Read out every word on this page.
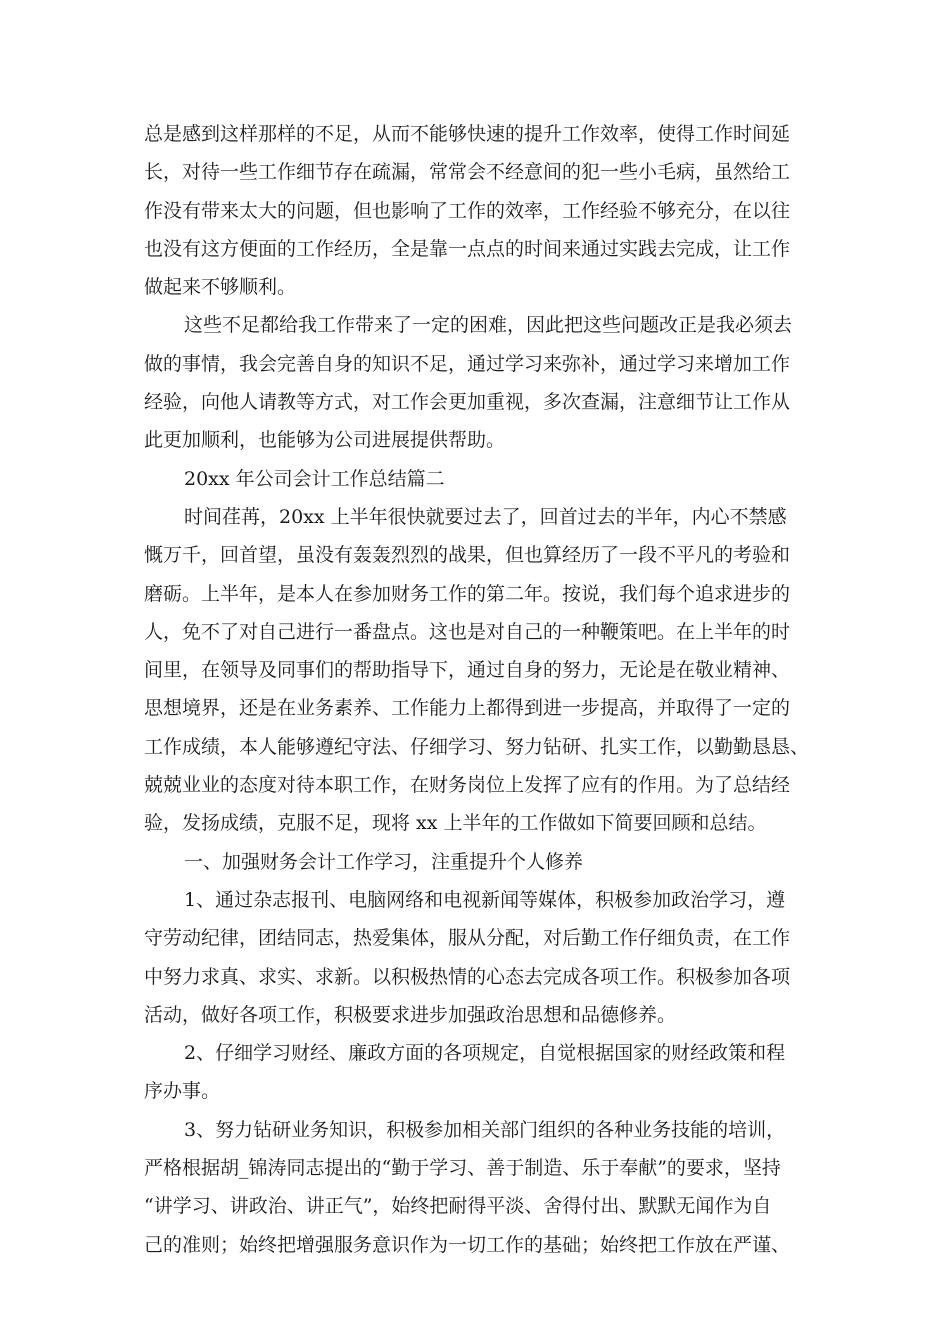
总是感到这样那样的不足，从而不能够快速的提升工作效率，使得工作时间延
长，对待一些工作细节存在疏漏，常常会不经意间的犯一些小毛病，虽然给工
作没有带来太大的问题，但也影响了工作的效率，工作经验不够充分，在以往
也没有这方便面的工作经历，全是靠一点点的时间来通过实践去完成，让工作
做起来不够顺利。
这些不足都给我工作带来了一定的困难，因此把这些问题改正是我必须去
做的事情，我会完善自身的知识不足，通过学习来弥补，通过学习来增加工作
经验，向他人请教等方式，对工作会更加重视，多次查漏，注意细节让工作从
此更加顺利，也能够为公司进展提供帮助。
20xx 年公司会计工作总结篇二
时间荏苒，20xx 上半年很快就要过去了，回首过去的半年，内心不禁感
慨万千，回首望，虽没有轰轰烈烈的战果，但也算经历了一段不平凡的考验和
磨砺。上半年，是本人在参加财务工作的第二年。按说，我们每个追求进步的
人，免不了对自己进行一番盘点。这也是对自己的一种鞭策吧。在上半年的时
间里，在领导及同事们的帮助指导下，通过自身的努力，无论是在敬业精神、
思想境界，还是在业务素养、工作能力上都得到进一步提高，并取得了一定的
工作成绩，本人能够遵纪守法、仔细学习、努力钻研、扎实工作，以勤勤恳恳、
兢兢业业的态度对待本职工作，在财务岗位上发挥了应有的作用。为了总结经
验，发扬成绩，克服不足，现将 xx 上半年的工作做如下简要回顾和总结。
一、加强财务会计工作学习，注重提升个人修养
1、通过杂志报刊、电脑网络和电视新闻等媒体，积极参加政治学习，遵
守劳动纪律，团结同志，热爱集体，服从分配，对后勤工作仔细负责，在工作
中努力求真、求实、求新。以积极热情的心态去完成各项工作。积极参加各项
活动，做好各项工作，积极要求进步加强政治思想和品德修养。
2、仔细学习财经、廉政方面的各项规定，自觉根据国家的财经政策和程
序办事。
3、努力钻研业务知识，积极参加相关部门组织的各种业务技能的培训，
严格根据胡_锦涛同志提出的“勤于学习、善于制造、乐于奉献”的要求，坚持
“讲学习、讲政治、讲正气”，始终把耐得平淡、舍得付出、默默无闻作为自
己的准则；始终把增强服务意识作为一切工作的基础；始终把工作放在严谨、
